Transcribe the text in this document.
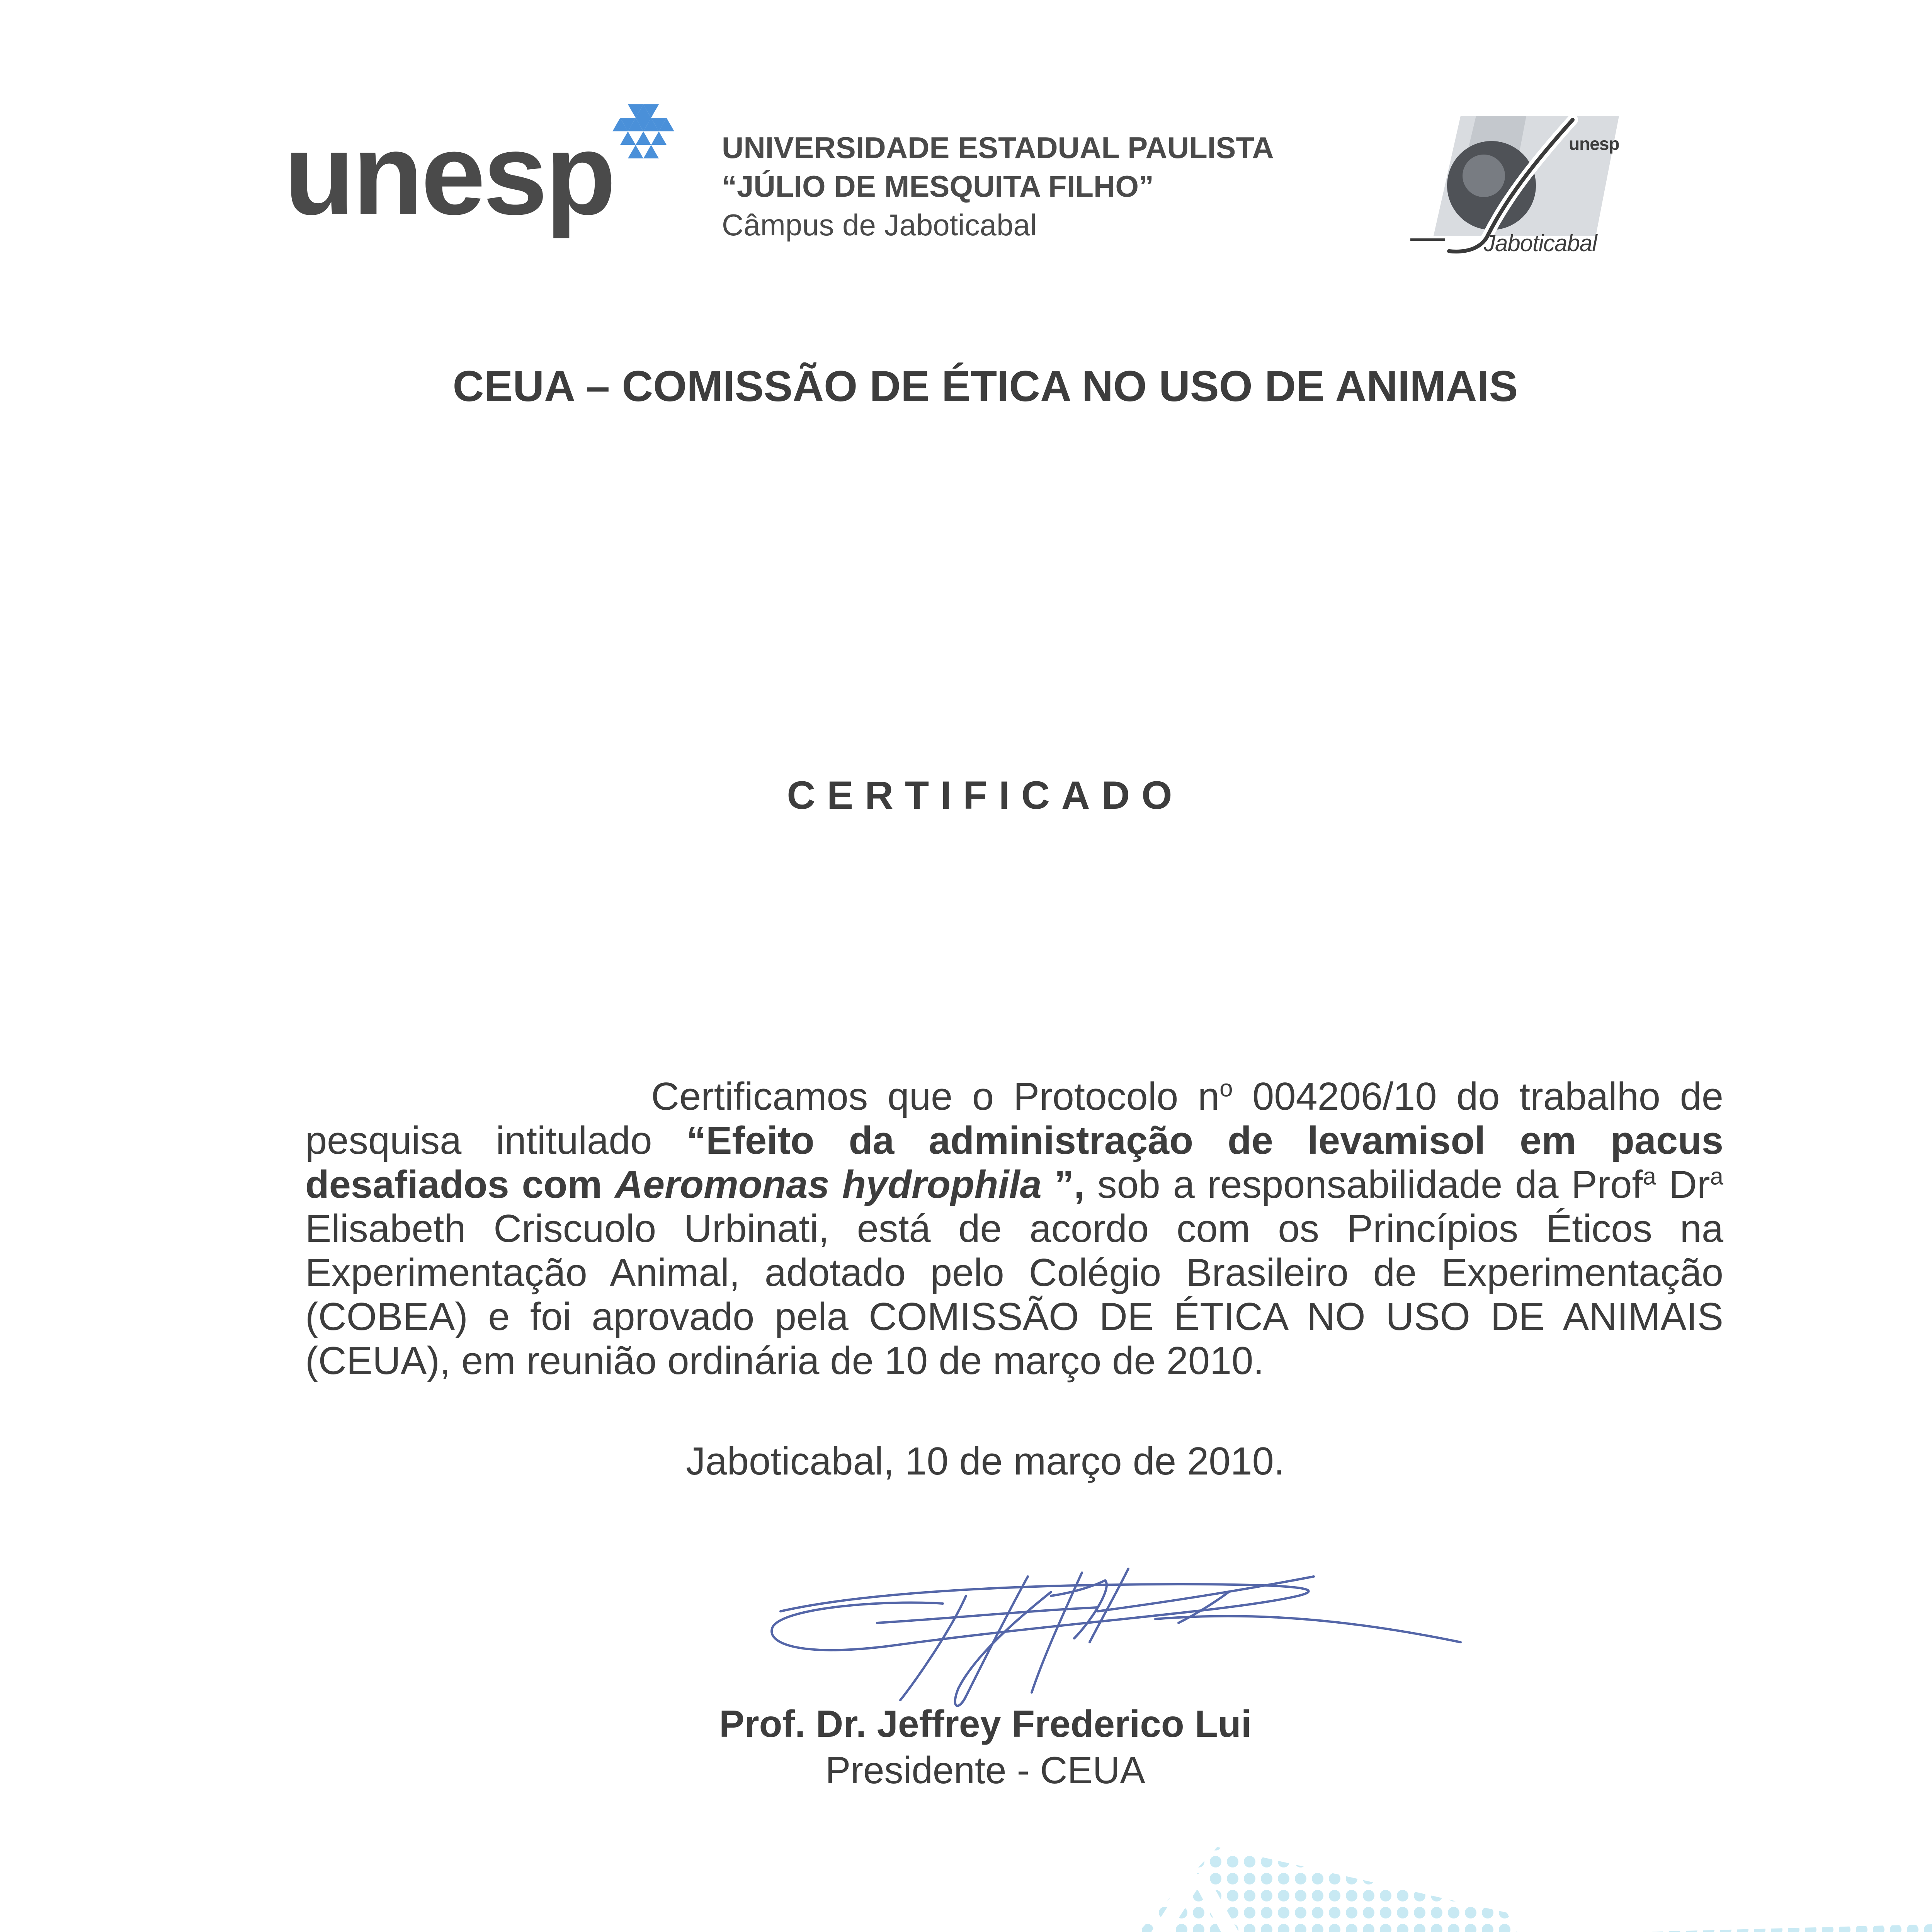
unesp	UNIVERSIDADE ESTADUAL PAULISTA
“JÚLIO DE MESQUITA FILHO”
Câmpus de Jaboticabal
unesp
Jaboticabal
CEUA – COMISSÃO DE ÉTICA NO USO DE ANIMAIS
CERTIFICADO

Certificamos que o Protocolo $n^o$ 004206/10 do trabalho de pesquisa intitulado “Efeito da administração de levamisol em pacus desafiados com Aeromonas hydrophila ”, sob a responsabilidade da Prof$^a$ Dr$^a$ Elisabeth Criscuolo Urbinati, está de acordo com os Princípios Éticos na Experimentação Animal, adotado pelo Colégio Brasileiro de Experimentação (COBEA) e foi aprovado pela COMISSÃO DE ÉTICA NO USO DE ANIMAIS (CEUA), em reunião ordinária de 10 de março de 2010.

Jaboticabal, 10 de março de 2010.
Prof. Dr. Jeffrey Frederico Lui
Presidente - CEUA
